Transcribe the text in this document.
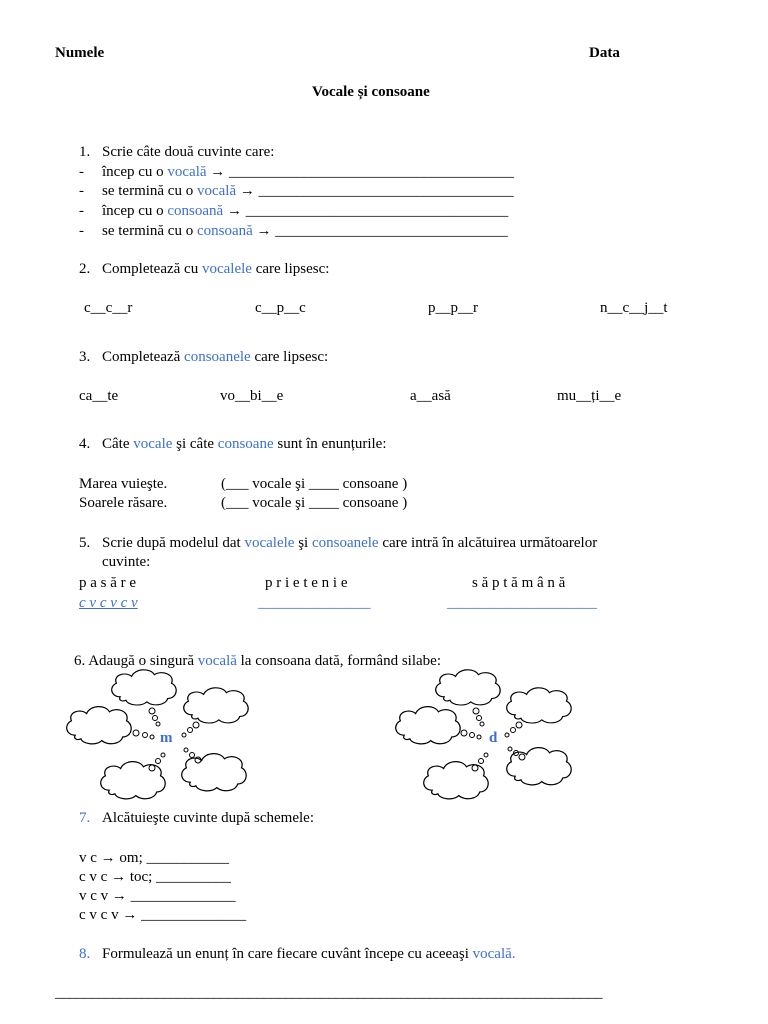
Numele	Data
Vocale și consoane
1. Scrie câte două cuvinte care:
- încep cu o vocală → ______________________________________
- se termină cu o vocală → __________________________________
- încep cu o consoană → ___________________________________
- se termină cu o consoană → _______________________________
2. Completează cu vocalele care lipsesc:
c__c__r	c__p__c	p__p__r	n__c__j__t
3. Completează consoanele care lipsesc:
ca__te	vo__bi__e	a__asă	mu__ți__e
4. Câte vocale şi câte consoane sunt în enunțurile:
Marea vuieşte.	(___ vocale şi ____ consoane )
Soarele răsare.	(___ vocale şi ____ consoane )
5. Scrie după modelul dat vocalele şi consoanele care intră în alcătuirea următoarelor
cuvinte:
p a s ă r e	p r i e t e n i e	s ă p t ă m â n ă
c v c v c v	_______________	____________________
6. Adaugă o singură vocală la consoana dată, formând silabe:
m	d
7. Alcătuieşte cuvinte după schemele:
v c → om; ___________
c v c → toc; __________
v c v → ______________
c v c v → ______________
8. Formulează un enunț în care fiecare cuvânt începe cu aceeaşi vocală.
____________________________________________________________________________
